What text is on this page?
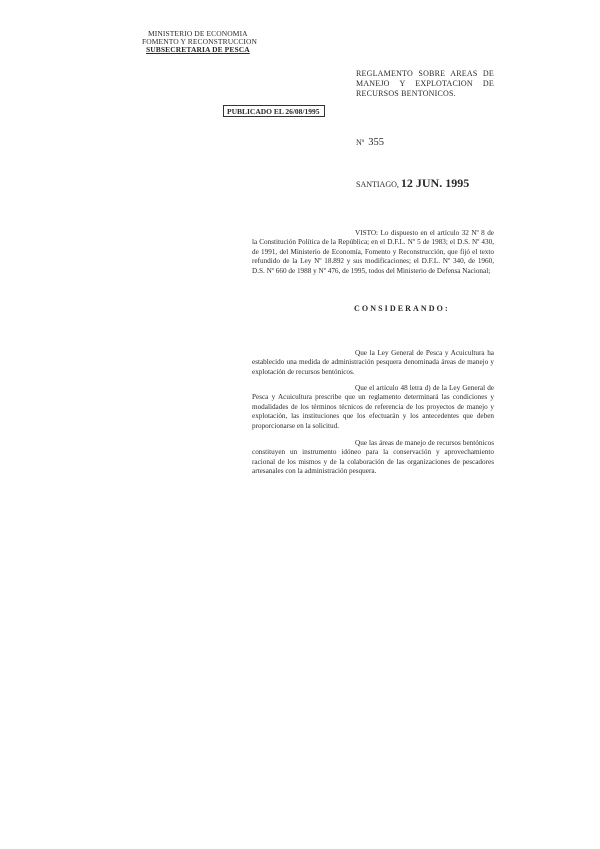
MINISTERIO DE ECONOMIA
FOMENTO Y RECONSTRUCCION
SUBSECRETARIA DE PESCA
REGLAMENTO SOBRE AREAS DE MANEJO Y EXPLOTACION DE RECURSOS BENTONICOS.
PUBLICADO EL 26/08/1995
Nº 355
SANTIAGO, 12 JUN. 1995
VISTO: Lo dispuesto en el artículo 32 Nº 8 de la Constitución Política de la República; en el D.F.L. Nº 5 de 1983; el D.S. Nº 430, de 1991, del Ministerio de Economía, Fomento y Reconstrucción, que fijó el texto refundido de la Ley Nº 18.892 y sus modificaciones; el D.F.L. Nº 340, de 1960, D.S. Nº 660 de 1988 y Nº 476, de 1995, todos del Ministerio de Defensa Nacional;
CONSIDERANDO:
Que la Ley General de Pesca y Acuicultura ha establecido una medida de administración pesquera denominada áreas de manejo y explotación de recursos bentónicos.
Que el artículo 48 letra d) de la Ley General de Pesca y Acuicultura prescribe que un reglamento determinará las condiciones y modalidades de los términos técnicos de referencia de los proyectos de manejo y explotación, las instituciones que los efectuarán y los antecedentes que deben proporcionarse en la solicitud.
Que las áreas de manejo de recursos bentónicos constituyen un instrumento idóneo para la conservación y aprovechamiento racional de los mismos y de la colaboración de las organizaciones de pescadores artesanales con la administración pesquera.
